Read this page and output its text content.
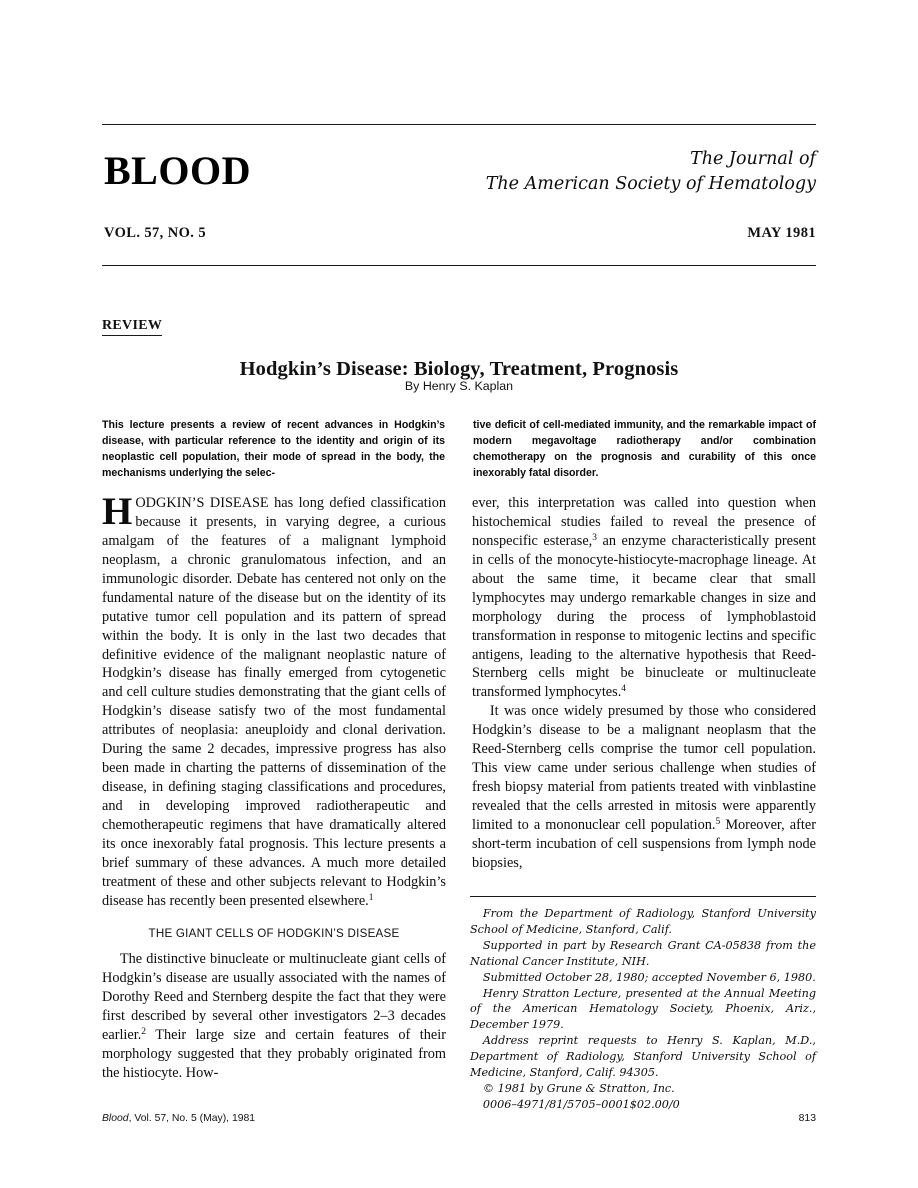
BLOOD	The Journal of
The American Society of Hematology
VOL. 57, NO. 5	MAY 1981
REVIEW
Hodgkin’s Disease: Biology, Treatment, Prognosis
By Henry S. Kaplan

This lecture presents a review of recent advances in Hodgkin’s disease, with particular reference to the identity and origin of its neoplastic cell population, their mode of spread in the body, the mechanisms underlying the selec-

tive deficit of cell-mediated immunity, and the remarkable impact of modern megavoltage radiotherapy and/or combination chemotherapy on the prognosis and curability of this once inexorably fatal disorder.

HODGKIN’S DISEASE has long defied classification because it presents, in varying degree, a curious amalgam of the features of a malignant lymphoid neoplasm, a chronic granulomatous infection, and an immunologic disorder. Debate has centered not only on the fundamental nature of the disease but on the identity of its putative tumor cell population and its pattern of spread within the body. It is only in the last two decades that definitive evidence of the malignant neoplastic nature of Hodgkin’s disease has finally emerged from cytogenetic and cell culture studies demonstrating that the giant cells of Hodgkin’s disease satisfy two of the most fundamental attributes of neoplasia: aneuploidy and clonal derivation. During the same 2 decades, impressive progress has also been made in charting the patterns of dissemination of the disease, in defining staging classifications and procedures, and in developing improved radiotherapeutic and chemotherapeutic regimens that have dramatically altered its once inexorably fatal prognosis. This lecture presents a brief summary of these advances. A much more detailed treatment of these and other subjects relevant to Hodgkin’s disease has recently been presented elsewhere.$^1$

THE GIANT CELLS OF HODGKIN’S DISEASE

The distinctive binucleate or multinucleate giant cells of Hodgkin’s disease are usually associated with the names of Dorothy Reed and Sternberg despite the fact that they were first described by several other investigators 2–3 decades earlier.$^2$ Their large size and certain features of their morphology suggested that they probably originated from the histiocyte. How-

ever, this interpretation was called into question when histochemical studies failed to reveal the presence of nonspecific esterase,$^3$ an enzyme characteristically present in cells of the monocyte-histiocyte-macrophage lineage. At about the same time, it became clear that small lymphocytes may undergo remarkable changes in size and morphology during the process of lymphoblastoid transformation in response to mitogenic lectins and specific antigens, leading to the alternative hypothesis that Reed-Sternberg cells might be binucleate or multinucleate transformed lymphocytes.$^4$

It was once widely presumed by those who considered Hodgkin’s disease to be a malignant neoplasm that the Reed-Sternberg cells comprise the tumor cell population. This view came under serious challenge when studies of fresh biopsy material from patients treated with vinblastine revealed that the cells arrested in mitosis were apparently limited to a mononuclear cell population.$^5$ Moreover, after short-term incubation of cell suspensions from lymph node biopsies,

From the Department of Radiology, Stanford University School of Medicine, Stanford, Calif.

Supported in part by Research Grant CA-05838 from the National Cancer Institute, NIH.

Submitted October 28, 1980; accepted November 6, 1980.

Henry Stratton Lecture, presented at the Annual Meeting of the American Hematology Society, Phoenix, Ariz., December 1979.

Address reprint requests to Henry S. Kaplan, M.D., Department of Radiology, Stanford University School of Medicine, Stanford, Calif. 94305.

© 1981 by Grune & Stratton, Inc.

0006–4971/81/5705–0001$02.00/0

Blood, Vol. 57, No. 5 (May), 1981	813
